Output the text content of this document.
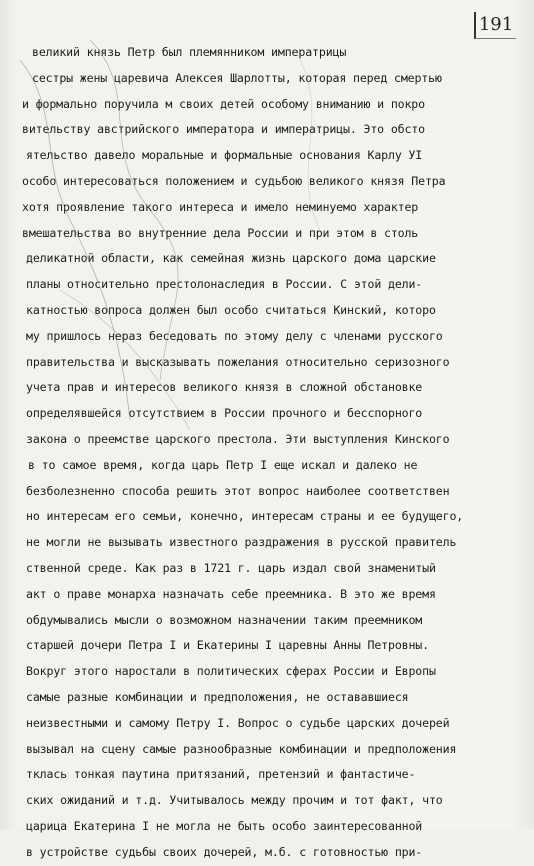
191
великий князь Петр был племянником императрицы
сестры жены царевича Алексея Шарлотты, которая перед смертью
и формально поручила м своих детей особому вниманию и покро
вительству австрийского императора и императрицы. Это обсто
ятельство давело моральные и формальные основания Карлу УI
особо интересоваться положением и судьбою великого князя Петра
хотя проявление такого интереса и имело неминуемо характер
вмешательства во внутренние дела России и при этом в столь
деликатной области, как семейная жизнь царского дома царские
планы относительно престолонаследия в России. С этой дели-
катностью вопроса должен был особо считаться Кинский, которо
му пришлось нераз беседовать по этому делу с членами русского
правительства и высказывать пожелания относительно серизозного
учета прав и интересов великого князя в сложной обстановке
определявшейся отсутствием в России прочного и бесспорного
закона о преемстве царского престола. Эти выступления Кинского
в то самое время, когда царь Петр I еще искал и далеко не
безболезненно способа решить этот вопрос наиболее соответствен
но интересам его семьи, конечно, интересам страны и ее будущего,
не могли не вызывать известного раздражения в русской правитель
ственной среде. Как раз в 1721 г. царь издал свой знаменитый
акт о праве монарха назначать себе преемника. В это же время
обдумывались мысли о возможном назначении таким преемником
старшей дочери Петра I и Екатерины I царевны Анны Петровны.
Вокруг этого наростали в политических сферах России и Европы
самые разные комбинации и предположения, не остававшиеся
неизвестными и самому Петру I. Вопрос о судьбе царских дочерей
вызывал на сцену самые разнообразные комбинации и предположения
тклась тонкая паутина притязаний, претензий и фантастиче-
ских ожиданий и т.д. Учитывалось между прочим и тот факт, что
царица Екатерина I не могла не быть особо заинтересованной
в устройстве судьбы своих дочерей, м.б. с готовностью при-
